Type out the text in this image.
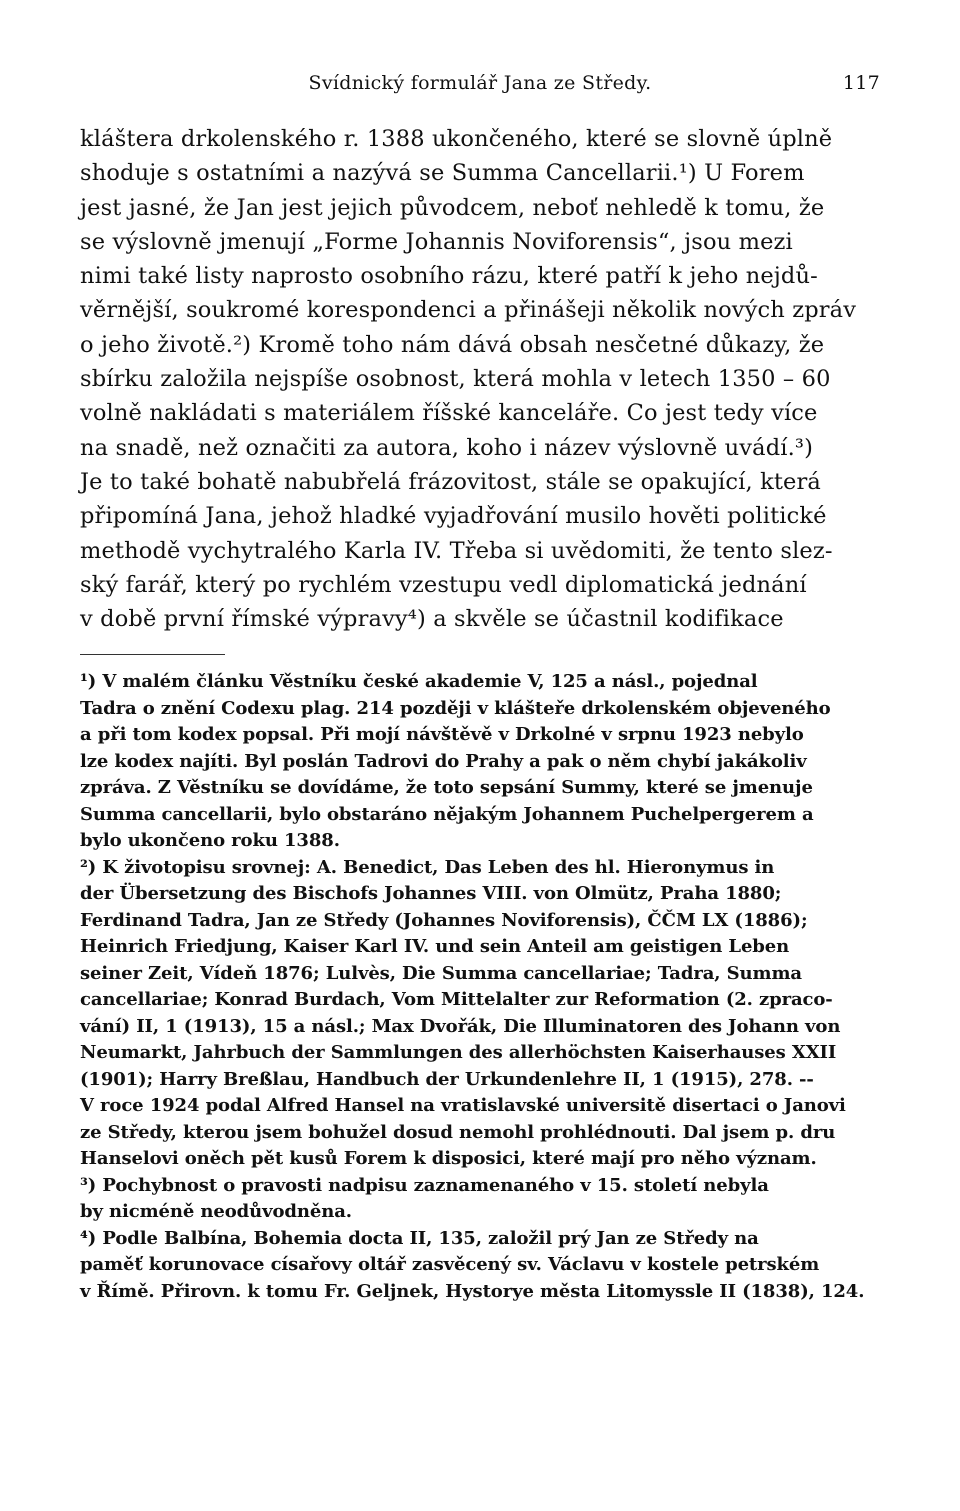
Svídnický formulář Jana ze Středy.	117
kláštera drkolenského r. 1388 ukončeného, které se slovně úplně
shoduje s ostatními a nazývá se Summa Cancellarii.¹) U Forem
jest jasné, že Jan jest jejich původcem, neboť nehledě k tomu, že
se výslovně jmenují „Forme Johannis Noviforensis“, jsou mezi
nimi také listy naprosto osobního rázu, které patří k jeho nejdů-
věrnější, soukromé korespondenci a přinášeji několik nových zpráv
o jeho životě.²) Kromě toho nám dává obsah nesčetné důkazy, že
sbírku založila nejspíše osobnost, která mohla v letech 1350 – 60
volně nakládati s materiálem říšské kanceláře. Co jest tedy více
na snadě, než označiti za autora, koho i název výslovně uvádí.³)
Je to také bohatě nabubřelá frázovitost, stále se opakující, která
připomíná Jana, jehož hladké vyjadřování musilo hověti politické
methodě vychytralého Karla IV. Třeba si uvědomiti, že tento slez-
ský farář, který po rychlém vzestupu vedl diplomatická jednání
v době první římské výpravy⁴) a skvěle se účastnil kodifikace
¹) V malém článku Věstníku české akademie V, 125 a násl., pojednal
Tadra o znění Codexu plag. 214 později v klášteře drkolenském objeveného
a při tom kodex popsal. Při mojí návštěvě v Drkolné v srpnu 1923 nebylo
lze kodex najíti. Byl poslán Tadrovi do Prahy a pak o něm chybí jakákoliv
zpráva. Z Věstníku se dovídáme, že toto sepsání Summy, které se jmenuje
Summa cancellarii, bylo obstaráno nějakým Johannem Puchelpergerem a
bylo ukončeno roku 1388.
²) K životopisu srovnej: A. Benedict, Das Leben des hl. Hieronymus in
der Übersetzung des Bischofs Johannes VIII. von Olmütz, Praha 1880;
Ferdinand Tadra, Jan ze Středy (Johannes Noviforensis), ČČM LX (1886);
Heinrich Friedjung, Kaiser Karl IV. und sein Anteil am geistigen Leben
seiner Zeit, Vídeň 1876; Lulvès, Die Summa cancellariae; Tadra, Summa
cancellariae; Konrad Burdach, Vom Mittelalter zur Reformation (2. zpraco-
vání) II, 1 (1913), 15 a násl.; Max Dvořák, Die Illuminatoren des Johann von
Neumarkt, Jahrbuch der Sammlungen des allerhöchsten Kaiserhauses XXII
(1901); Harry Breßlau, Handbuch der Urkundenlehre II, 1 (1915), 278. --
V roce 1924 podal Alfred Hansel na vratislavské universitě disertaci o Janovi
ze Středy, kterou jsem bohužel dosud nemohl prohlédnouti. Dal jsem p. dru
Hanselovi oněch pět kusů Forem k disposici, které mají pro něho význam.
³) Pochybnost o pravosti nadpisu zaznamenaného v 15. století nebyla
by nicméně neodůvodněna.
⁴) Podle Balbína, Bohemia docta II, 135, založil prý Jan ze Středy na
paměť korunovace císařovy oltář zasvěcený sv. Václavu v kostele petrském
v Římě. Přirovn. k tomu Fr. Geljnek, Hystorye města Litomyssle II (1838), 124.
